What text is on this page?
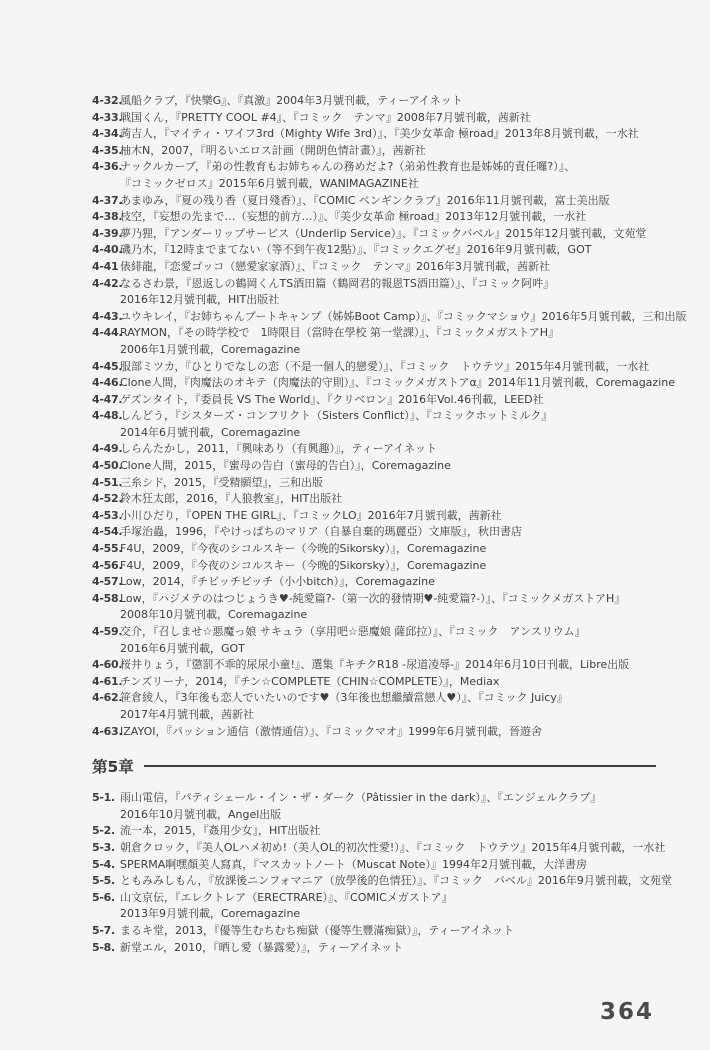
4-32.
風船クラブ，『快樂G』、『真激』2004年3月號刊載，ティーアイネット
4-33.
戦国くん，『PRETTY COOL #4』、『コミック　テンマ』2008年7月號刊載，茜新社
4-34.
蒟吉人，『マイティ・ワイフ3rd（Mighty Wife 3rd）』、『美少女革命 極road』2013年8月號刊載，一水社
4-35.
柚木N，2007，『明るいエロス計画（開朗色情計畫）』，茜新社
4-36.
ナックルカーブ，『弟の性教育もお姉ちゃんの務めだよ?（弟弟性教育也是姊姊的責任囉?）』、
『コミックゼロス』2015年6月號刊載，WANIMAGAZINE社
4-37.
あまゆみ，『夏の残り香（夏日殘香）』、『COMIC ペンギンクラブ』2016年11月號刊載，富士美出版
4-38.
枝空，『妄想の先まで…（妄想的前方…）』、『美少女革命 極road』2013年12月號刊載，一水社
4-39.
夢乃狸，『アンダーリップサービス（Underlip Service）』、『コミックバベル』2015年12月號刊載，文苑堂
4-40.
磯乃木，『12時までまてない（等不到午夜12點）』、『コミックエグゼ』2016年9月號刊載，GOT
4-41 俵緋龍，『恋愛ゴッコ（戀愛家家酒）』、『コミック　テンマ』2016年3月號刊載，茜新社
4-42.
なるさわ景，『恩返しの鶴岡くんTS酒田篇（鶴岡君的報恩TS酒田篇）』、『コミック阿吽』
2016年12月號刊載，HIT出版社
4-43.
ユウキレイ，『お姉ちゃんブートキャンプ（姊姊Boot Camp）』、『コミックマショウ』2016年5月號刊載，三和出版
4-44.
RAYMON，『その時学校で　1時限目（當時在學校 第一堂課）』、『コミックメガストアH』
2006年1月號刊載，Coremagazine
4-45.
服部ミツカ，『ひとりでなしの恋（不是一個人的戀愛）』、『コミック　トウテツ』2015年4月號刊載，一水社
4-46.
Clone人間，『肉魔法のオキテ（肉魔法的守則）』、『コミックメガストアα』2014年11月號刊載，Coremagazine
4-47.
ゲズンタイト，『委員長 VS The World』、『クリベロン』2016年Vol.46刊載，LEED社
4-48.
しんどう，『シスターズ・コンフリクト（Sisters Conflict）』、『コミックホットミルク』
2014年6月號刊載，Coremagazine
4-49.
しらんたかし，2011，『興味あり（有興趣）』，ティーアイネット
4-50.
Clone人間，2015，『蜜母の告白（蜜母的告白）』，Coremagazine
4-51.
三糸シド，2015，『受精願望』，三和出版
4-52.
鈴木狂太郎，2016，『人狼教室』，HIT出版社
4-53.
小川ひだり，『OPEN THE GIRL』、『コミックLO』2016年7月號刊載，茜新社
4-54.
手塚治蟲，1996，『やけっぱちのマリア（自暴自棄的瑪麗亞）文庫版』，秋田書店
4-55.
F4U，2009，『今夜のシコルスキー（今晚的Sikorsky）』，Coremagazine
4-56.
F4U，2009，『今夜のシコルスキー（今晚的Sikorsky）』，Coremagazine
4-57.
Low，2014，『チビッチビッチ（小小bitch）』，Coremagazine
4-58.
Low，『ハジメテのはつじょうき♥-純愛篇?-（第一次的發情期♥-純愛篇?-）』、『コミックメガストアH』
2008年10月號刊載，Coremagazine
4-59.
交介，『召しませ☆悪魔っ娘 サキュラ（享用吧☆惡魔娘 薩邱拉）』、『コミック　アンスリウム』
2016年6月號刊載，GOT
4-60.
桜井りょう，『懲罰不乖的尿尿小童!』、選集『キチクR18 -尿道凌辱-』2014年6月10日刊載，Libre出版
4-61.
チンズリーナ，2014，『チン☆COMPLETE（CHIN☆COMPLETE）』，Mediax
4-62.
笹倉綾人，『3年後も恋人でいたいのです♥（3年後也想繼續當戀人♥）』、『コミック Juicy』
2017年4月號刊載，茜新社
4-63.
IZAYOI，『パッション通信（激情通信）』、『コミックマオ』1999年6月號刊載，晉遊舍
第5章
5-1. 雨山電信，『パティシェール・イン・ザ・ダーク（Pâtissier in the dark）』、『エンジェルクラブ』
2016年10月號刊載，Angel出版
5-2. 流一本，2015，『姦用少女』，HIT出版社
5-3. 朝倉クロック，『美人OLハメ初め!（美人OL的初次性愛!）』、『コミック　トウテツ』2015年4月號刊載，一水社
5-4. SPERMA啊嘿顏美人寫真，『マスカットノート（Muscat Note）』1994年2月號刊載，大洋書房
5-5. ともみみしもん，『放課後ニンフォマニア（放學後的色情狂）』、『コミック　バベル』2016年9月號刊載，文苑堂
5-6. 山文京伝，『エレクトレア（ERECTRARE）』、『COMICメガストア』
2013年9月號刊載，Coremagazine
5-7. まるキ堂，2013，『優等生むちむち痴獄（優等生豐滿痴獄）』，ティーアイネット
5-8. 新堂エル，2010，『晒し愛（暴露愛）』，ティーアイネット
364
